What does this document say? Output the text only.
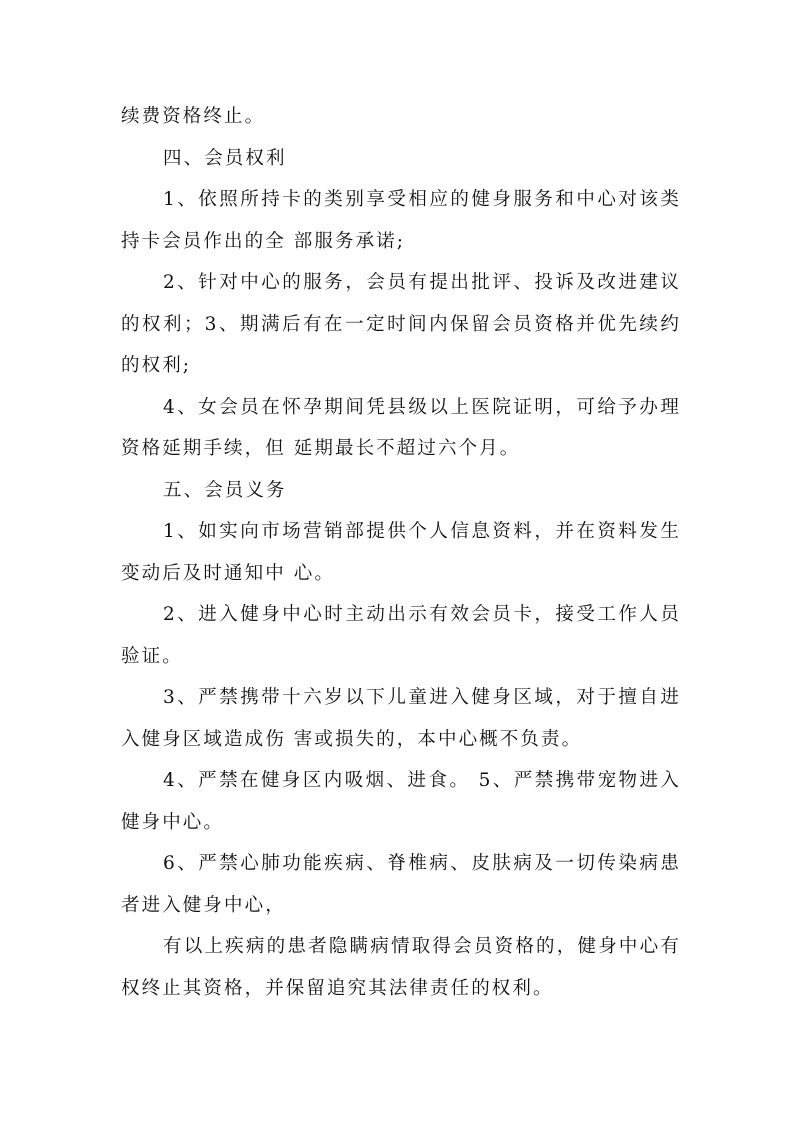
续费资格终止。

四、会员权利

1、依照所持卡的类别享受相应的健身服务和中心对该类持卡会员作出的全 部服务承诺;

2、针对中心的服务，会员有提出批评、投诉及改进建议的权利；3、期满后有在一定时间内保留会员资格并优先续约的权利;

4、女会员在怀孕期间凭县级以上医院证明，可给予办理资格延期手续，但 延期最长不超过六个月。

五、会员义务

1、如实向市场营销部提供个人信息资料，并在资料发生变动后及时通知中 心。

2、进入健身中心时主动出示有效会员卡，接受工作人员验证。

3、严禁携带十六岁以下儿童进入健身区域，对于擅自进入健身区域造成伤 害或损失的，本中心概不负责。

4、严禁在健身区内吸烟、进食。 5、严禁携带宠物进入健身中心。

6、严禁心肺功能疾病、脊椎病、皮肤病及一切传染病患者进入健身中心，

有以上疾病的患者隐瞒病情取得会员资格的，健身中心有权终止其资格，并保留追究其法律责任的权利。
